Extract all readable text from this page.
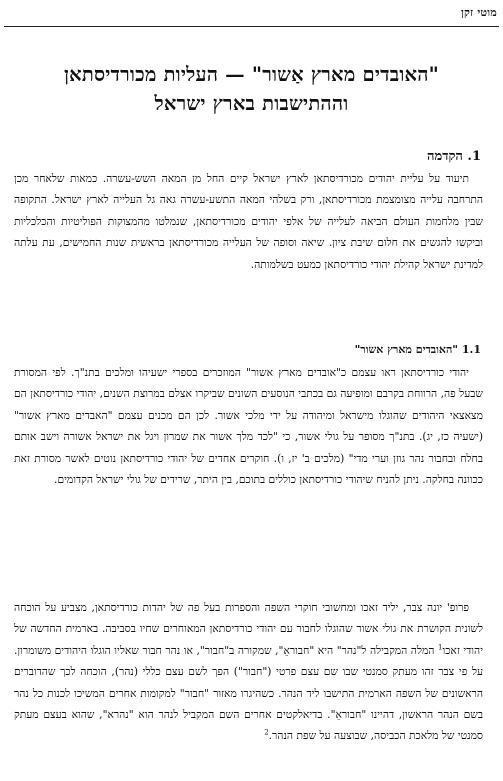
מוטי זקן
"האובדים מארץ אַשור" — העליות מכורדיסתאן
וההתישבות בארץ ישראל
1. הקדמה

תיעוד על עליית יהודים מכורדיסתאן לארץ ישראל קיים החל מן המאה השש-עשרה. כמאות שלאחר מכן התרחבה עלייה מצומצמת מכורדיסתאן, ורק בשלהי המאה התשע-עשרה גאה גל העלייה לארץ ישראל. התקופה שבין מלחמות העולם הביאה לעלייה של אלפי יהודים מכורדיסתאן, שנמלטו מהמצוקות הפוליטיות והכלכליות וביקשו להגשים את חלום שיבת ציון. שיאה וסופה של העלייה מכורדיסתאן בראשית שנות החמישים, עת עלתה למדינת ישראל קהילת יהודי כורדיסתאן כמעט בשלמותה.

1.1 "האובדים מארץ אשור"

יהודי כורדיסתאן ראו עצמם כ"אובדים מארץ אשור" המוזכרים בספרי ישעיהו ומלכים בתנ"ך. לפי המסורת שבעל פה, הרווחת בקרבם ומופיעה גם בכתבי הנוסעים השונים שביקרו אצלם במרוצת השנים, יהודי כורדיסתאן הם מצאצאי היהודים שהוגלו מישראל ומיהודה על ידי מלכי אשור. לכן הם מכנים עצמם "האבדים מארץ אשור" (ישעיה כז, יג). בתנ"ך מסופר על גולי אשור, כי "לכד מלך אשור את שמרון ויגל את ישראל אשורה וישב אותם בחלח ובחבור נהר גוזן וערי מדי" (מלכים ב' יז, ו). חוקרים אחדים של יהודי כורדיסתאן נוטים לאשר מסורת זאת ככוונה בחלקה. ניתן להניח שיהודי כורדיסתאן כוללים בתוכם, בין היתר, שרידים של גולי ישראל הקדומים.

פרופ' יונה צבר, יליד זאכו ומחשובי חוקרי השפה והספרות בעל פה של יהדות כורדיסתאן, מצביע על הוכחה לשונית הקושרת את גולי אשור שהוגלו לחבור עם יהודי כורדיסתאן המאוחרים שחיו בסביבה. בארמית החדשה של יהודי זאכו$^1$ המלה המקבילה ל"נהר" היא "חבוראֵ", שמקורה ב"חבור", או נהר חבור שאליו הוגלו היהודים משומרון. על פי צבר זהו מעתק סמנטי שבו שם עצם פרטי ("חבור") הפך לשם עצם כללי (נהר), הוכחה לכך שהדוברים הראשונים של השפה הארמית התישבו ליד הנהר. כשהיגרו מאזור "חבור" למקומות אחרים המשיכו לכנות כל נהר בשם הנהר הראשון, דהיינו "חבוראֵ". בדיאלקטים אחרים השם המקביל לנהר הוא "נהרא", שהוא בעצם מעתק סמנטי של מלאכת הכביסה, שבוצעה על שפת הנהר.$^2$
